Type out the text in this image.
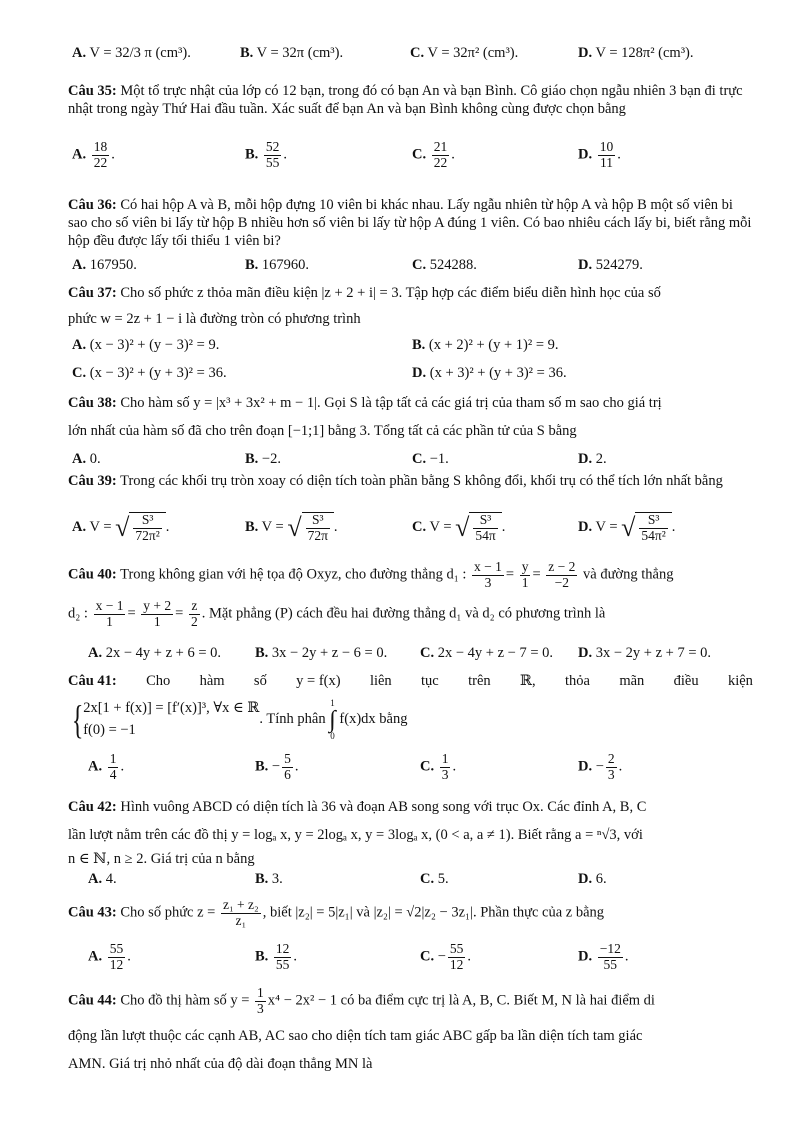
A. V = 32/3 π (cm³).	B. V = 32π (cm³).	C. V = 32π² (cm³).	D. V = 128π² (cm³).
Câu 35: Một tổ trực nhật của lớp có 12 bạn, trong đó có bạn An và bạn Bình. Cô giáo chọn ngẫu nhiên 3 bạn đi trực nhật trong ngày Thứ Hai đầu tuần. Xác suất để bạn An và bạn Bình không cùng được chọn bằng
A. $\frac{18}{22}$ .	B. $\frac{52}{55}$ .	C. $\frac{21}{22}$ .	D. $\frac{10}{11}$ .
Câu 36: Có hai hộp A và B, mỗi hộp đựng 10 viên bi khác nhau. Lấy ngẫu nhiên từ hộp A và hộp B một số viên bi sao cho số viên bi lấy từ hộp B nhiều hơn số viên bi lấy từ hộp A đúng 1 viên. Có bao nhiêu cách lấy bi, biết rằng mỗi hộp đều được lấy tối thiểu 1 viên bi?
A. 167950.	B. 167960.	C. 524288.	D. 524279.
Câu 37: Cho số phức z thỏa mãn điều kiện |z + 2 + i| = 3. Tập hợp các điểm biểu diễn hình học của số
phức w = 2z + 1 − i là đường tròn có phương trình
A. (x − 3)² + (y − 3)² = 9.	B. (x + 2)² + (y + 1)² = 9.
C. (x − 3)² + (y + 3)² = 36.	D. (x + 3)² + (y + 3)² = 36.
Câu 38: Cho hàm số y = |x³ + 3x² + m − 1|. Gọi S là tập tất cả các giá trị của tham số m sao cho giá trị
lớn nhất của hàm số đã cho trên đoạn [−1;1] bằng 3. Tổng tất cả các phần tử của S bằng
A. 0.	B. −2.	C. −1.	D. 2.
Câu 39: Trong các khối trụ tròn xoay có diện tích toàn phần bằng S không đổi, khối trụ có thể tích lớn nhất bằng
A. V = √ $\frac{\text{S³}}{\text{72π²}}$ .	B. V = √ $\frac{\text{S³}}{72\pi}$ .	C. V = √ $\frac{\text{S³}}{54\pi}$ .	D. V = √ $\frac{\text{S³}}{\text{54π²}}$ .
Câu 40: Trong không gian với hệ tọa độ Oxyz, cho đường thẳng d₁ : $\frac{x - 1}{3} = \frac{y}{1} = \frac{z - 2}{-2}$ và đường thẳng
d₂ : $\frac{x - 1}{1} = \frac{y + 2}{1} = \frac{z}{2}$ . Mặt phẳng (P) cách đều hai đường thẳng d₁ và d₂ có phương trình là
A. 2x − 4y + z + 6 = 0. B. 3x − 2y + z − 6 = 0. C. 2x − 4y + z − 7 = 0. D. 3x − 2y + z + 7 = 0.
Câu 41: Cho hàm số y = f(x) liên tục trên ℝ, thỏa mãn điều kiện
{ 2x[1 + f(x)] = [f′(x)]³, ∀x ∈ ℝ
f(0) = −1
. Tính phân
1
∫
0
f(x)dx bằng
A. $\frac{1}{4}$ .	B. − $\frac{5}{6}$ .	C. $\frac{1}{3}$ .	D. − $\frac{2}{3}$ .
Câu 42: Hình vuông ABCD có diện tích là 36 và đoạn AB song song với trục Ox. Các đỉnh A, B, C
lần lượt nằm trên các đồ thị y = logₐ x, y = 2logₐ x, y = 3logₐ x, (0 < a, a ≠ 1). Biết rằng a = ⁿ√3, với
n ∈ ℕ, n ≥ 2. Giá trị của n bằng
A. 4.	B. 3.	C. 5.	D. 6.
Câu 43: Cho số phức $z = \frac{\text{z₁ + z₂}}{\text{z₁}}$ , biết |z₂| = 5|z₁| và |z₂| = √2|z₂ − 3z₁|. Phần thực của z bằng
A. $\frac{55}{12}$ .	B. $\frac{12}{55}$ .	C. − $\frac{55}{12}$ .	D. $\frac{-12}{55}$ .
Câu 44: Cho đồ thị hàm số $y = \frac{1}{3} x^4 - 2x^2 - 1$ có ba điểm cực trị là A, B, C. Biết M, N là hai điểm di
động lần lượt thuộc các cạnh AB, AC sao cho diện tích tam giác ABC gấp ba lần diện tích tam giác
AMN. Giá trị nhỏ nhất của độ dài đoạn thẳng MN là
